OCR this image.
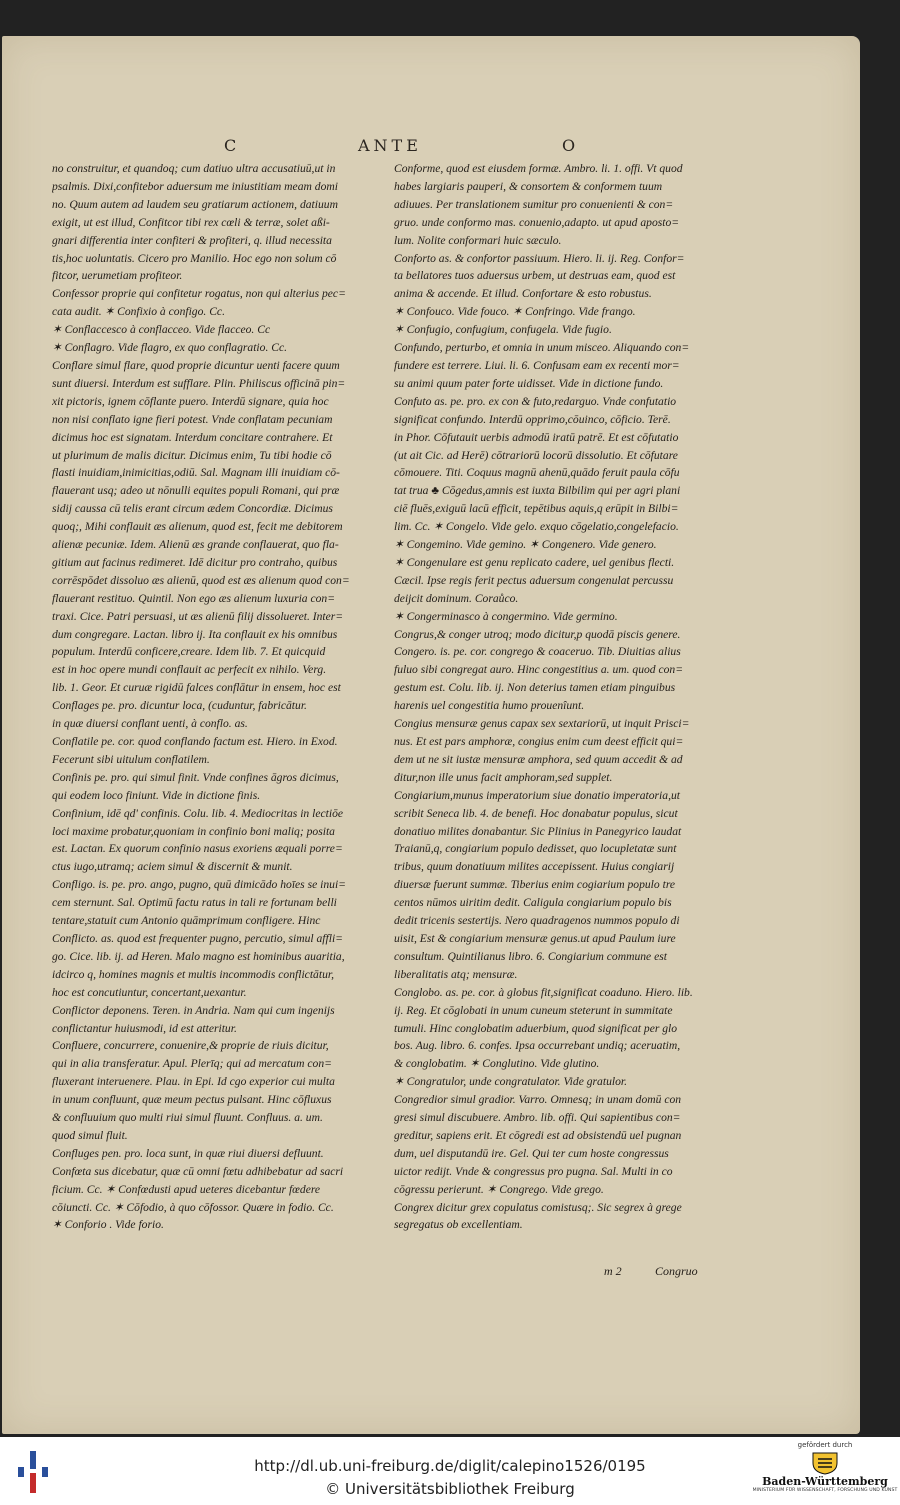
C	ANTE	O

no construitur, et quandoq; cum datiuo ultra accusatiuū,ut in

psalmis. Dixi,confitebor aduersum me iniustitiam meam domi

no. Quum autem ad laudem seu gratiarum actionem, datiuum

exigit, ut est illud, Confitcor tibi rex cœli & terræ, solet aßi-

gnari differentia inter confiteri & profiteri, q. illud necessita

tis,hoc uoluntatis. Cicero pro Manilio. Hoc ego non solum cō

fitcor, uerumetiam profiteor.

Confessor proprie qui confitetur rogatus, non qui alterius pec=

cata audit. ✶ Confixio à configo. Cc.

✶ Conflaccesco à conflacceo. Vide flacceo. Cc

✶ Conflagro. Vide flagro, ex quo conflagratio. Cc.

Conflare simul flare, quod proprie dicuntur uenti facere quum

sunt diuersi. Interdum est sufflare. Plin. Philiscus officinā pin=

xit pictoris, ignem cōflante puero. Interdū signare, quia hoc

non nisi conflato igne fieri potest. Vnde conflatam pecuniam

dicimus hoc est signatam. Interdum concitare contrahere. Et

ut plurimum de malis dicitur. Dicimus enim, Tu tibi hodie cō

flasti inuidiam,inimicitias,odiū. Sal. Magnam illi inuidiam cō-

flauerant usq; adeo ut nōnulli equites populi Romani, qui præ

sidij caussa cū telis erant circum ædem Concordiæ. Dicimus

quoq;, Mihi conflauit æs alienum, quod est, fecit me debitorem

alienæ pecuniæ. Idem. Alienū æs grande conflauerat, quo fla-

gitium aut facinus redimeret. Idē dicitur pro contraho, quibus

corrēspōdet dissoluo æs alienū, quod est æs alienum quod con=

flauerant restituo. Quintil. Non ego æs alienum luxuria con=

traxi. Cice. Patri persuasi, ut æs alienū filij dissolueret. Inter=

dum congregare. Lactan. libro ij. Ita conflauit ex his omnibus

populum. Interdū conficere,creare. Idem lib. 7. Et quicquid

est in hoc opere mundi conflauit ac perfecit ex nihilo. Verg.

lib. 1. Geor. Et curuæ rigidū falces conflātur in ensem, hoc est

Conflages pe. pro. dicuntur loca, (cuduntur, fabricātur.

in quæ diuersi conflant uenti, à conflo. as.

Conflatile pe. cor. quod conflando factum est. Hiero. in Exod.

Fecerunt sibi uitulum conflatilem.

Confinis pe. pro. qui simul finit. Vnde confines āgros dicimus,

qui eodem loco finiunt. Vide in dictione finis.

Confinium, idē qd' confinis. Colu. lib. 4. Mediocritas in lectiōe

loci maxime probatur,quoniam in confinio boni maliq; posita

est. Lactan. Ex quorum confinio nasus exoriens æquali porre=

ctus iugo,utramq; aciem simul & discernit & munit.

Confligo. is. pe. pro. ango, pugno, quū dimicādo hoīes se inui=

cem sternunt. Sal. Optimū factu ratus in tali re fortunam belli

tentare,statuit cum Antonio quāmprimum confligere. Hinc

Conflicto. as. quod est frequenter pugno, percutio, simul affli=

go. Cice. lib. ij. ad Heren. Malo magno est hominibus auaritia,

idcirco q, homines magnis et multis incommodis conflictātur,

hoc est concutiuntur, concertant,uexantur.

Conflictor deponens. Teren. in Andria. Nam qui cum ingenijs

conflictantur huiusmodi, id est atteritur.

Confluere, concurrere, conuenire,& proprie de riuis dicitur,

qui in alia transferatur. Apul. Plerīq; qui ad mercatum con=

fluxerant interuenere. Plau. in Epi. Id cgo experior cui multa

in unum confluunt, quæ meum pectus pulsant. Hinc cōfluxus

& confluuium quo multi riui simul fluunt. Confluus. a. um.

quod simul fluit.

Confluges pen. pro. loca sunt, in quæ riui diuersi defluunt.

Confœta sus dicebatur, quæ cū omni fœtu adhibebatur ad sacri

ficium. Cc. ✶ Confœdusti apud ueteres dicebantur fœdere

cōiuncti. Cc. ✶ Cōfodio, à quo cōfossor. Quære in fodio. Cc.

✶ Conforio . Vide forio.

Conforme, quod est eiusdem formæ. Ambro. li. 1. offi. Vt quod

habes largiaris pauperi, & consortem & conformem tuum

adiuues. Per translationem sumitur pro conuenienti & con=

gruo. unde conformo mas. conuenio,adapto. ut apud aposto=

lum. Nolite conformari huic sæculo.

Conforto as. & confortor passiuum. Hiero. li. ij. Reg. Confor=

ta bellatores tuos aduersus urbem, ut destruas eam, quod est

anima & accende. Et illud. Confortare & esto robustus.

✶ Confouco. Vide fouco. ✶ Confringo. Vide frango.

✶ Confugio, confugium, confugela. Vide fugio.

Confundo, perturbo, et omnia in unum misceo. Aliquando con=

fundere est terrere. Liui. li. 6. Confusam eam ex recenti mor=

su animi quum pater forte uidisset. Vide in dictione fundo.

Confuto as. pe. pro. ex con & futo,redarguo. Vnde confutatio

significat confundo. Interdū opprimo,cōuinco, cōficio. Terē.

in Phor. Cōfutauit uerbis admodū iratū patrē. Et est cōfutatio

(ut ait Cic. ad Herē) cōtrariorū locorū dissolutio. Et cōfutare

cōmouere. Titi. Coquus magnū ahenū,quādo feruit paula cōfu

tat trua ♣ Cōgedus,amnis est iuxta Bilbilim qui per agri plani

ciē fluēs,exiguū lacū efficit, tepētibus aquis,q erūpit in Bilbi=

lim. Cc. ✶ Congelo. Vide gelo. exquo cōgelatio,congelefacio.

✶ Congemino. Vide gemino. ✶ Congenero. Vide genero.

✶ Congenulare est genu replicato cadere, uel genibus flecti.

Cæcil. Ipse regis ferit pectus aduersum congenulat percussu

deijcit dominum. Coraůco.

✶ Congerminasco à congermino. Vide germino.

Congrus,& conger utroq; modo dicitur,p quodā piscis genere.

Congero. is. pe. cor. congrego & coaceruo. Tib. Diuitias alius

fuluo sibi congregat auro. Hinc congestitius a. um. quod con=

gestum est. Colu. lib. ij. Non deterius tamen etiam pinguibus

harenis uel congestitia humo prouenîunt.

Congius mensuræ genus capax sex sextariorū, ut inquit Prisci=

nus. Et est pars amphoræ, congius enim cum deest efficit qui=

dem ut ne sit iustæ mensuræ amphora, sed quum accedit & ad

ditur,non ille unus facit amphoram,sed supplet.

Congiarium,munus imperatorium siue donatio imperatoria,ut

scribit Seneca lib. 4. de benefi. Hoc donabatur populus, sicut

donatiuo milites donabantur. Sic Plinius in Panegyrico laudat

Traianū,q, congiarium populo dedisset, quo locupletatæ sunt

tribus, quum donatiuum milites accepissent. Huius congiarij

diuersæ fuerunt summæ. Tiberius enim cogiarium populo tre

centos nūmos uiritim dedit. Caligula congiarium populo bis

dedit tricenis sestertijs. Nero quadragenos nummos populo di

uisit, Est & congiarium mensuræ genus.ut apud Paulum iure

consultum. Quintilianus libro. 6. Congiarium commune est

liberalitatis atq; mensuræ.

Conglobo. as. pe. cor. à globus fit,significat coaduno. Hiero. lib.

ij. Reg. Et cōglobati in unum cuneum steterunt in summitate

tumuli. Hinc conglobatim aduerbium, quod significat per glo

bos. Aug. libro. 6. confes. Ipsa occurrebant undiq; aceruatim,

& conglobatim. ✶ Conglutino. Vide glutino.

✶ Congratulor, unde congratulator. Vide gratulor.

Congredior simul gradior. Varro. Omnesq; in unam domū con

gresi simul discubuere. Ambro. lib. offi. Qui sapientibus con=

greditur, sapiens erit. Et cōgredi est ad obsistendū uel pugnan

dum, uel disputandū ire. Gel. Qui ter cum hoste congressus

uictor redijt. Vnde & congressus pro pugna. Sal. Multi in co

cōgressu perierunt. ✶ Congrego. Vide grego.

Congrex dicitur grex copulatus comistusq;. Sic segrex à grege

segregatus ob excellentiam.

m 2	Congruo
http://dl.ub.uni-freiburg.de/diglit/calepino1526/0195
© Universitätsbibliothek Freiburg
gefördert durch
Baden-Württemberg
MINISTERIUM FÜR WISSENSCHAFT, FORSCHUNG UND KUNST
